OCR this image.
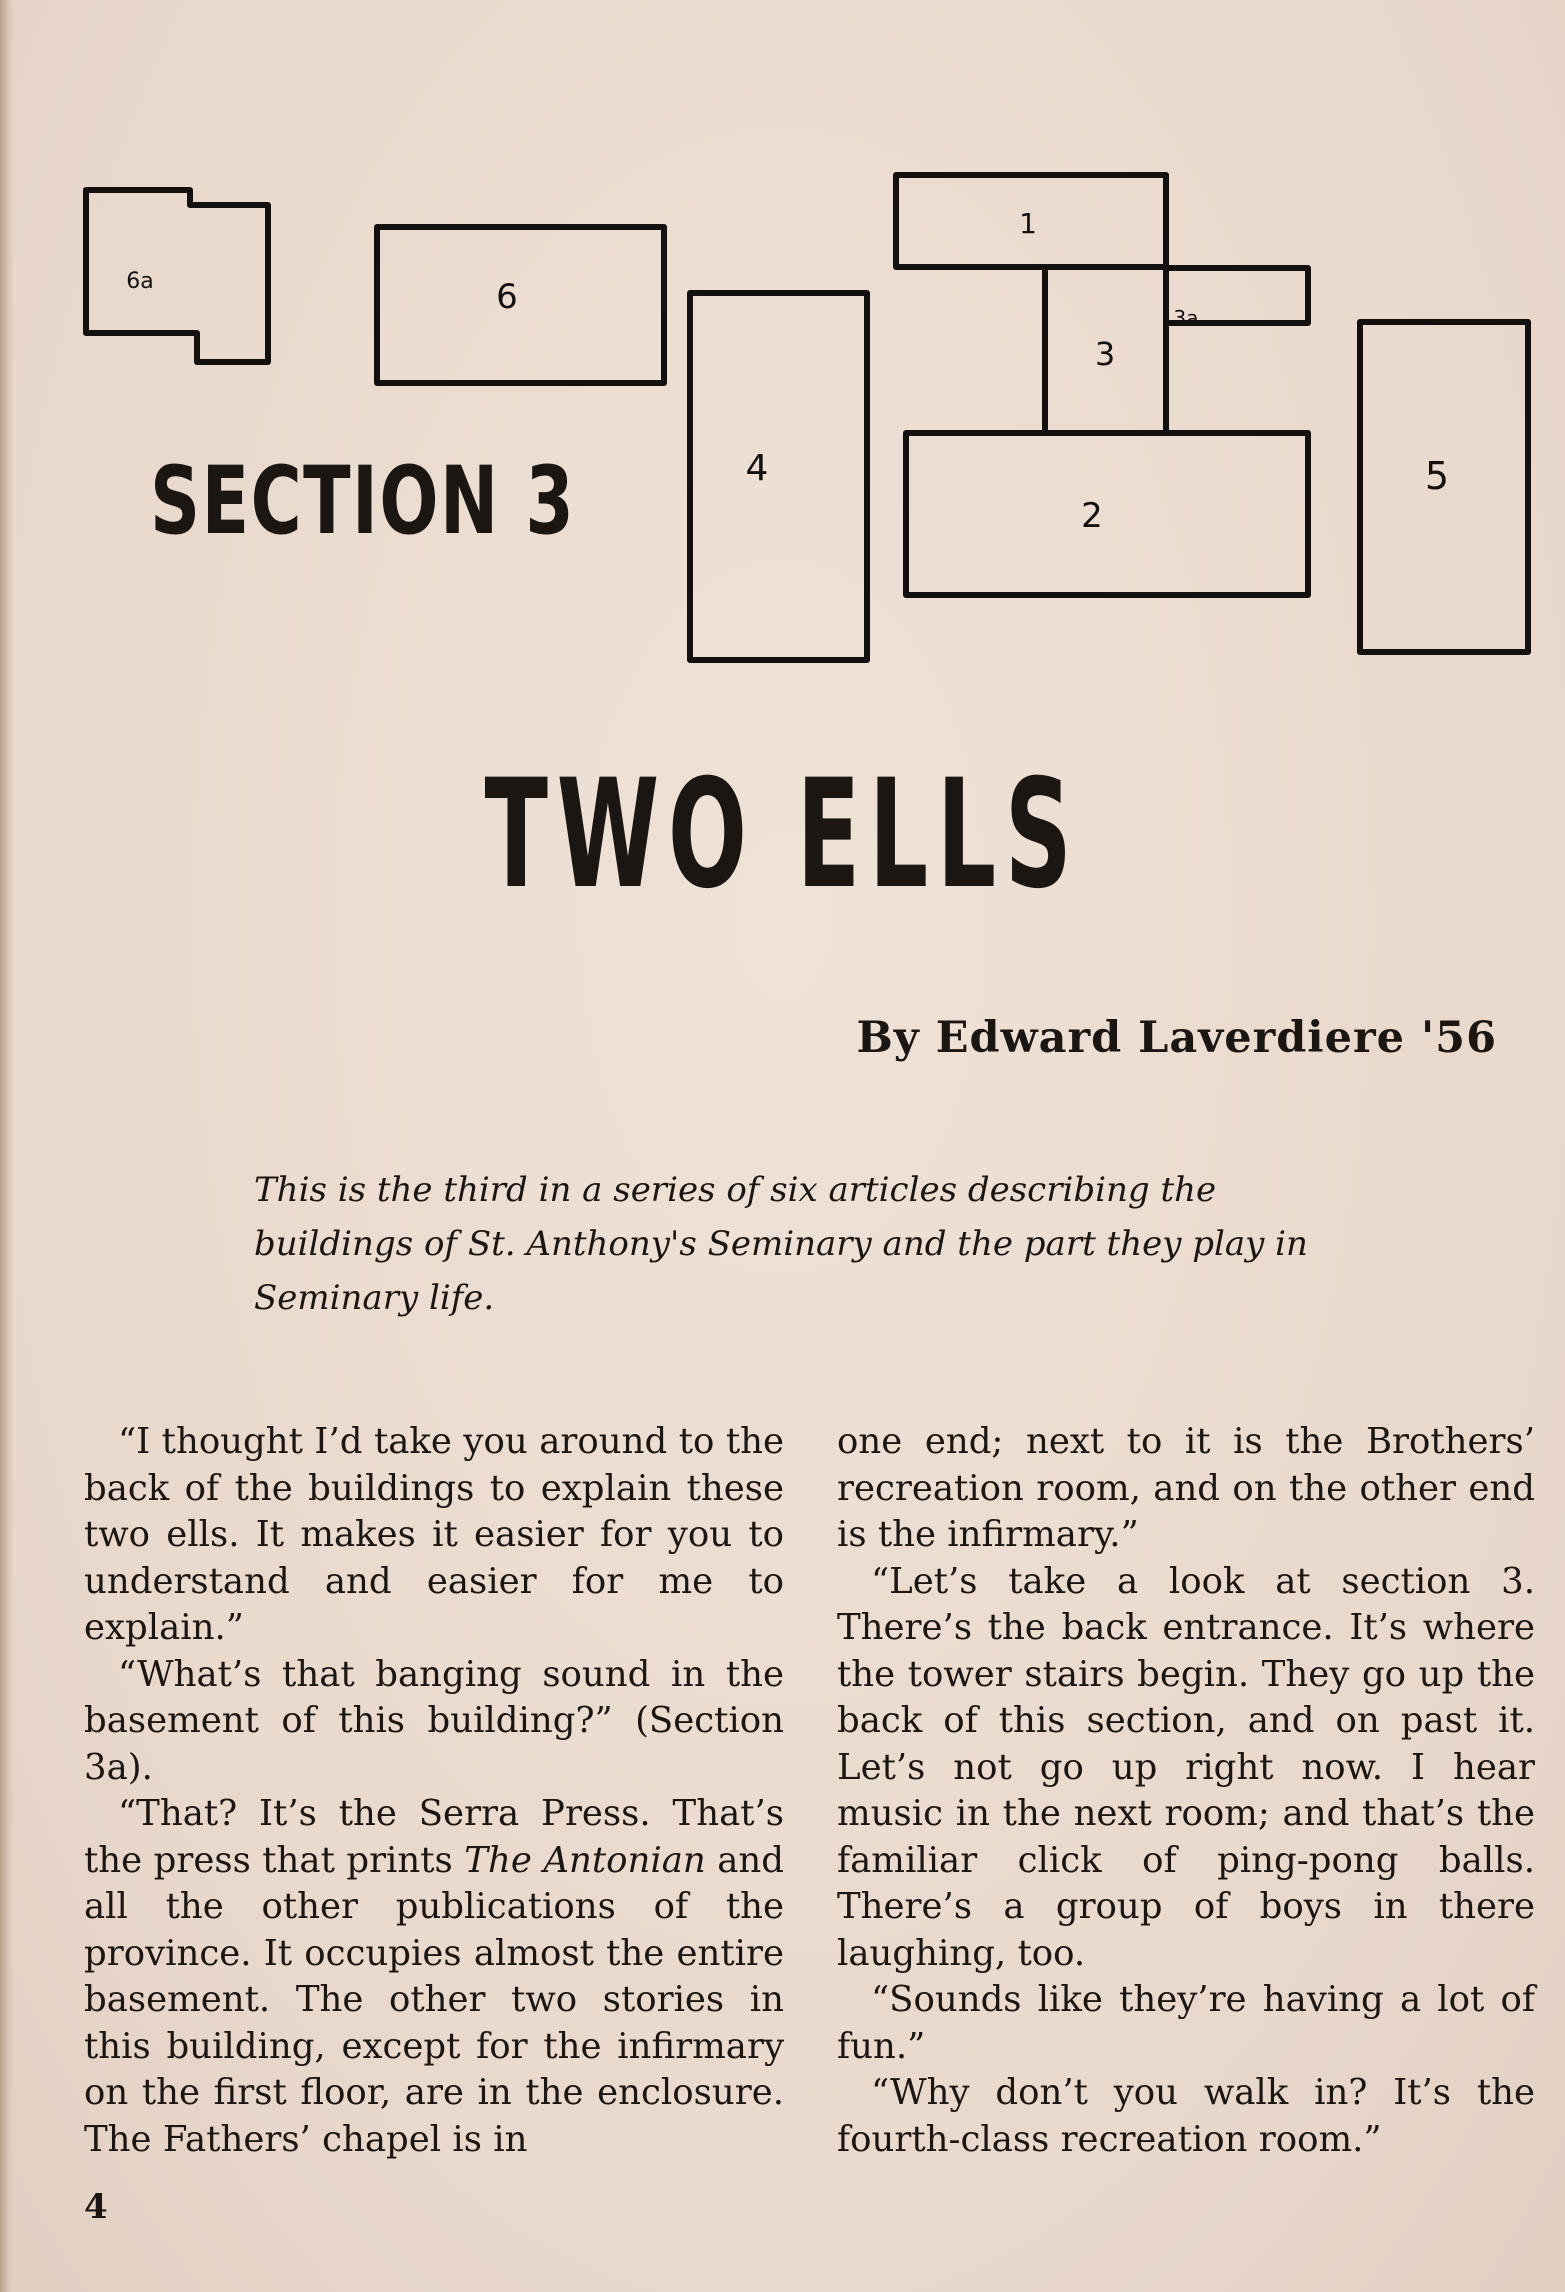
6a	6
1
3a
3
4
2
5
SECTION 3
TWO ELLS

By Edward Laverdiere '56

This is the third in a series of six articles describing the buildings of St. Anthony's Seminary and the part they play in Seminary life.

“I thought I’d take you around to the back of the buildings to explain these two ells. It makes it easier for you to understand and easier for me to explain.”

“What’s that banging sound in the basement of this building?” (Section 3a).

“That? It’s the Serra Press. That’s the press that prints The Antonian and all the other publications of the province. It occupies almost the entire basement. The other two stories in this building, except for the infirmary on the first floor, are in the enclosure. The Fathers’ chapel is in

one end; next to it is the Brothers’ recreation room, and on the other end is the infirmary.”

“Let’s take a look at section 3. There’s the back entrance. It’s where the tower stairs begin. They go up the back of this section, and on past it. Let’s not go up right now. I hear music in the next room; and that’s the familiar click of ping-pong balls. There’s a group of boys in there laughing, too.

“Sounds like they’re having a lot of fun.”

“Why don’t you walk in? It’s the fourth-class recreation room.”

4
